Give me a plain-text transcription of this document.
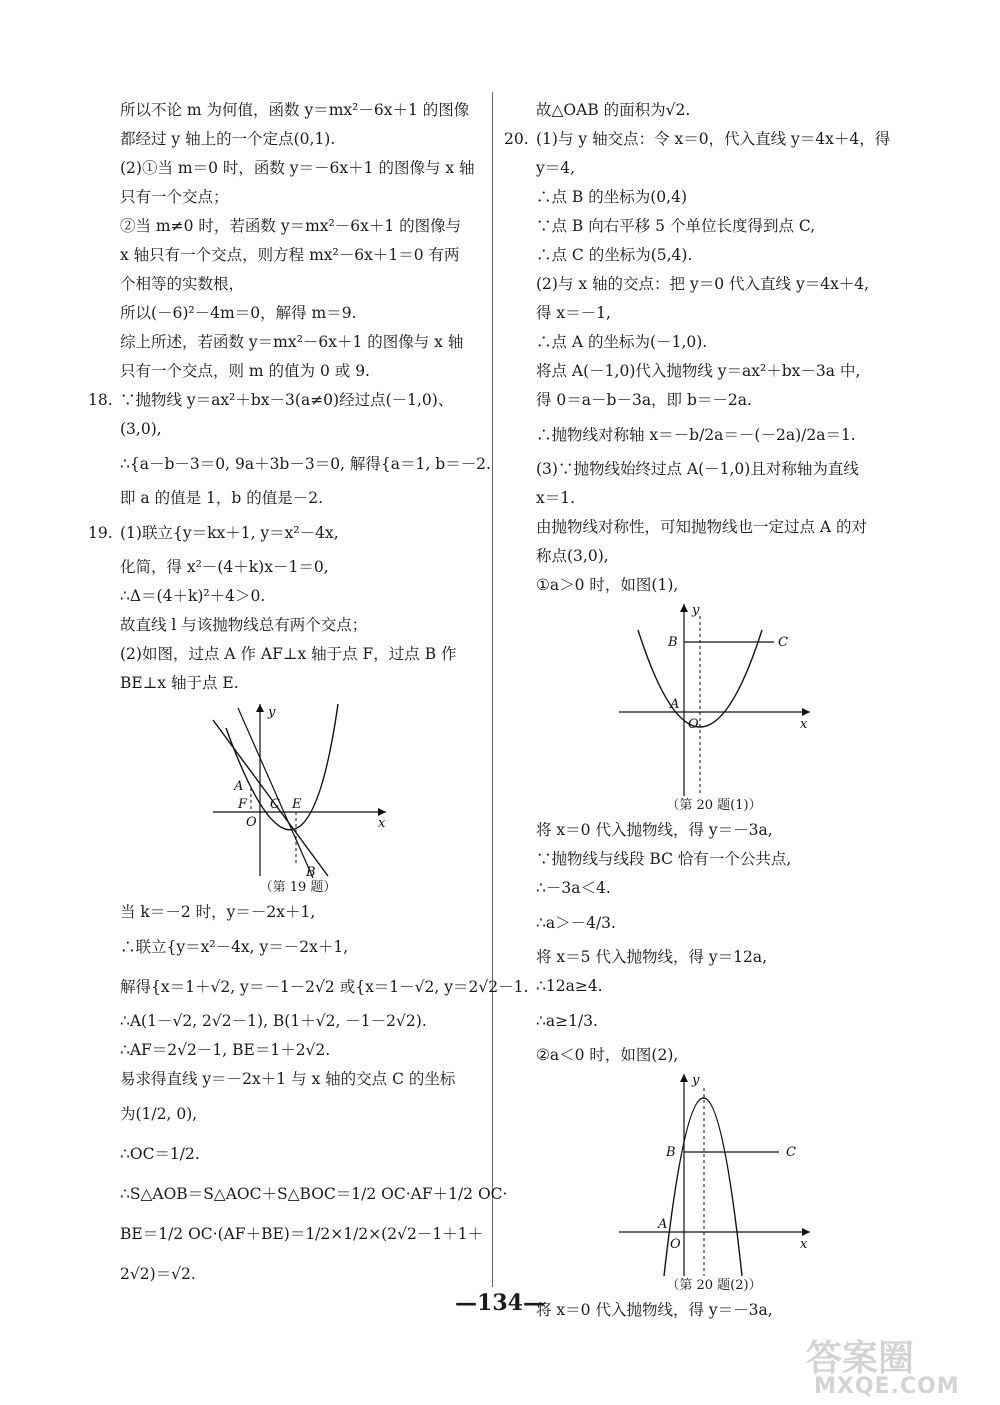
所以不论 m 为何值，函数 y＝mx²－6x＋1 的图像
都经过 y 轴上的一个定点(0,1).
(2)①当 m＝0 时，函数 y＝－6x＋1 的图像与 x 轴
只有一个交点；
②当 m≠0 时，若函数 y＝mx²－6x＋1 的图像与
x 轴只有一个交点，则方程 mx²－6x＋1＝0 有两
个相等的实数根，
所以(－6)²－4m＝0，解得 m＝9.
综上所述，若函数 y＝mx²－6x＋1 的图像与 x 轴
只有一个交点，则 m 的值为 0 或 9.
18. ∵抛物线 y＝ax²＋bx－3(a≠0)经过点(－1,0)、
(3,0),
∴{a－b－3＝0, 9a＋3b－3＝0, 解得{a＝1, b＝－2.
即 a 的值是 1，b 的值是－2.
19. (1)联立{y＝kx＋1, y＝x²－4x,
化简，得 x²－(4＋k)x－1＝0,
∴Δ＝(4＋k)²＋4＞0.
故直线 l 与该抛物线总有两个交点；
(2)如图，过点 A 作 AF⊥x 轴于点 F，过点 B 作
BE⊥x 轴于点 E.
y
x
A
F
O
C E
B
（第 19 题）
当 k＝－2 时，y＝－2x＋1,
∴联立{y＝x²－4x, y＝－2x＋1,
解得{x＝1＋√2, y＝－1－2√2 或{x＝1－√2, y＝2√2－1.
∴A(1－√2, 2√2－1), B(1＋√2, －1－2√2).
∴AF＝2√2－1, BE＝1＋2√2.
易求得直线 y＝－2x＋1 与 x 轴的交点 C 的坐标
为(1/2, 0),
∴OC＝1/2.
∴S△AOB＝S△AOC＋S△BOC＝1/2 OC·AF＋1/2 OC·
BE＝1/2 OC·(AF＋BE)＝1/2×1/2×(2√2－1＋1＋
2√2)＝√2.
故△OAB 的面积为√2.
20. (1)与 y 轴交点：令 x＝0，代入直线 y＝4x＋4，得
y＝4,
∴点 B 的坐标为(0,4)
∵点 B 向右平移 5 个单位长度得到点 C,
∴点 C 的坐标为(5,4).
(2)与 x 轴的交点：把 y＝0 代入直线 y＝4x＋4,
得 x＝－1,
∴点 A 的坐标为(－1,0).
将点 A(－1,0)代入抛物线 y＝ax²＋bx－3a 中,
得 0＝a－b－3a，即 b＝－2a.
∴抛物线对称轴 x＝－b/2a＝－(－2a)/2a＝1.
(3)∵抛物线始终过点 A(－1,0)且对称轴为直线
x＝1.
由抛物线对称性，可知抛物线也一定过点 A 的对
称点(3,0),
①a＞0 时，如图(1),
y
x
B	C
A
O
（第 20 题(1)）
将 x＝0 代入抛物线，得 y＝－3a,
∵抛物线与线段 BC 恰有一个公共点,
∴－3a＜4.
∴a＞－4/3.
将 x＝5 代入抛物线，得 y＝12a,
∴12a≥4.
∴a≥1/3.
②a＜0 时，如图(2),
y
x
B	C
A
O
（第 20 题(2)）
将 x＝0 代入抛物线，得 y＝－3a,
—134—
答案圈
MXQE.COM
